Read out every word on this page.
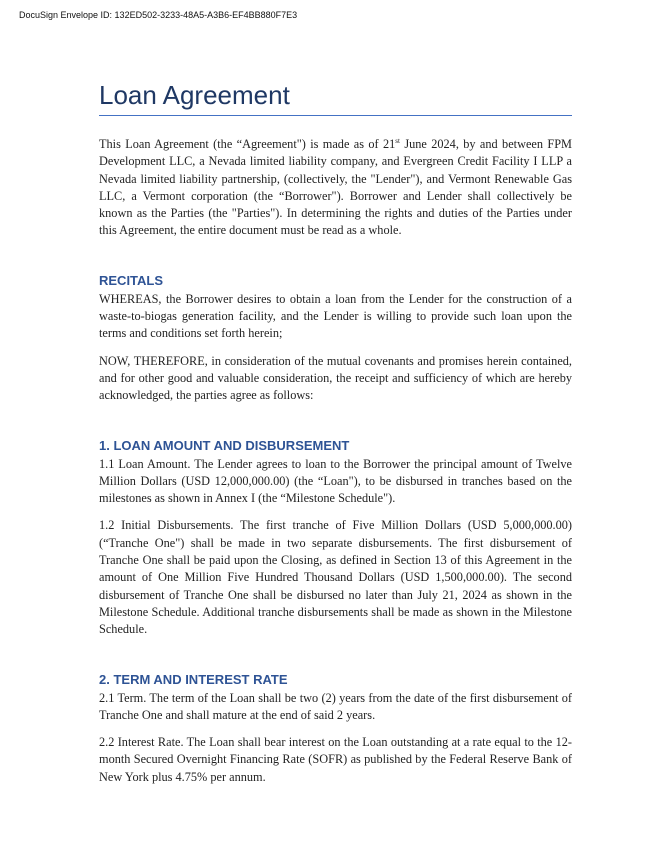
DocuSign Envelope ID: 132ED502-3233-48A5-A3B6-EF4BB880F7E3
Loan Agreement

This Loan Agreement (the “Agreement") is made as of 21st June 2024, by and between FPM Development LLC, a Nevada limited liability company, and Evergreen Credit Facility I LLP a Nevada limited liability partnership, (collectively, the "Lender"), and Vermont Renewable Gas LLC, a Vermont corporation (the “Borrower"). Borrower and Lender shall collectively be known as the Parties (the "Parties"). In determining the rights and duties of the Parties under this Agreement, the entire document must be read as a whole.

RECITALS

WHEREAS, the Borrower desires to obtain a loan from the Lender for the construction of a waste-to-biogas generation facility, and the Lender is willing to provide such loan upon the terms and conditions set forth herein;

NOW, THEREFORE, in consideration of the mutual covenants and promises herein contained, and for other good and valuable consideration, the receipt and sufficiency of which are hereby acknowledged, the parties agree as follows:

1. LOAN AMOUNT AND DISBURSEMENT

1.1 Loan Amount. The Lender agrees to loan to the Borrower the principal amount of Twelve Million Dollars (USD 12,000,000.00) (the “Loan"), to be disbursed in tranches based on the milestones as shown in Annex I (the “Milestone Schedule").

1.2 Initial Disbursements. The first tranche of Five Million Dollars (USD 5,000,000.00) (“Tranche One") shall be made in two separate disbursements. The first disbursement of Tranche One shall be paid upon the Closing, as defined in Section 13 of this Agreement in the amount of One Million Five Hundred Thousand Dollars (USD 1,500,000.00). The second disbursement of Tranche One shall be disbursed no later than July 21, 2024 as shown in the Milestone Schedule. Additional tranche disbursements shall be made as shown in the Milestone Schedule.

2. TERM AND INTEREST RATE

2.1 Term. The term of the Loan shall be two (2) years from the date of the first disbursement of Tranche One and shall mature at the end of said 2 years.

2.2 Interest Rate. The Loan shall bear interest on the Loan outstanding at a rate equal to the 12-month Secured Overnight Financing Rate (SOFR) as published by the Federal Reserve Bank of New York plus 4.75% per annum.
